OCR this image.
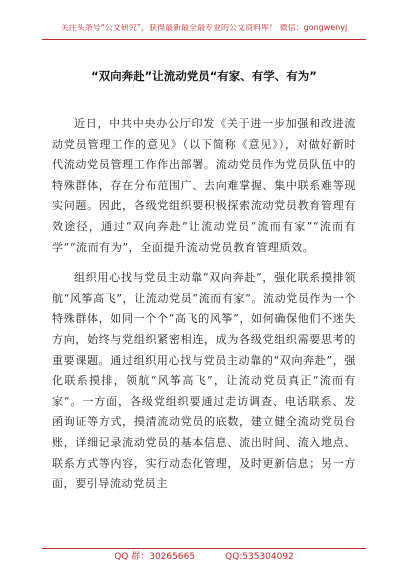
关注头条号“公文研究”，获得最新最全最专业的公文资料库！ 微信：gongwenyj
“双向奔赴”让流动党员“有家、有学、有为”

近日，中共中央办公厅印发《关于进一步加强和改进流动党员管理工作的意见》（以下简称《意见》），对做好新时代流动党员管理工作作出部署。流动党员作为党员队伍中的特殊群体，存在分布范围广、去向难掌握、集中联系难等现实问题。因此，各级党组织要积极探索流动党员教育管理有效途径，通过“双向奔赴”让流动党员“流而有家”“流而有学”“流而有为”，全面提升流动党员教育管理质效。

组织用心找与党员主动靠“双向奔赴”，强化联系摸排领航“风筝高飞”，让流动党员“流而有家”。流动党员作为一个特殊群体，如同一个个“高飞的风筝”，如何确保他们不迷失方向，始终与党组织紧密相连，成为各级党组织需要思考的重要课题。通过组织用心找与党员主动靠的“双向奔赴”，强化联系摸排，领航“风筝高飞”，让流动党员真正“流而有家”。一方面，各级党组织要通过走访调查、电话联系、发函询证等方式，摸清流动党员的底数，建立健全流动党员台账，详细记录流动党员的基本信息、流出时间、流入地点、联系方式等内容，实行动态化管理，及时更新信息；另一方面，要引导流动党员主

QQ 群：30265665	QQ:535304092
